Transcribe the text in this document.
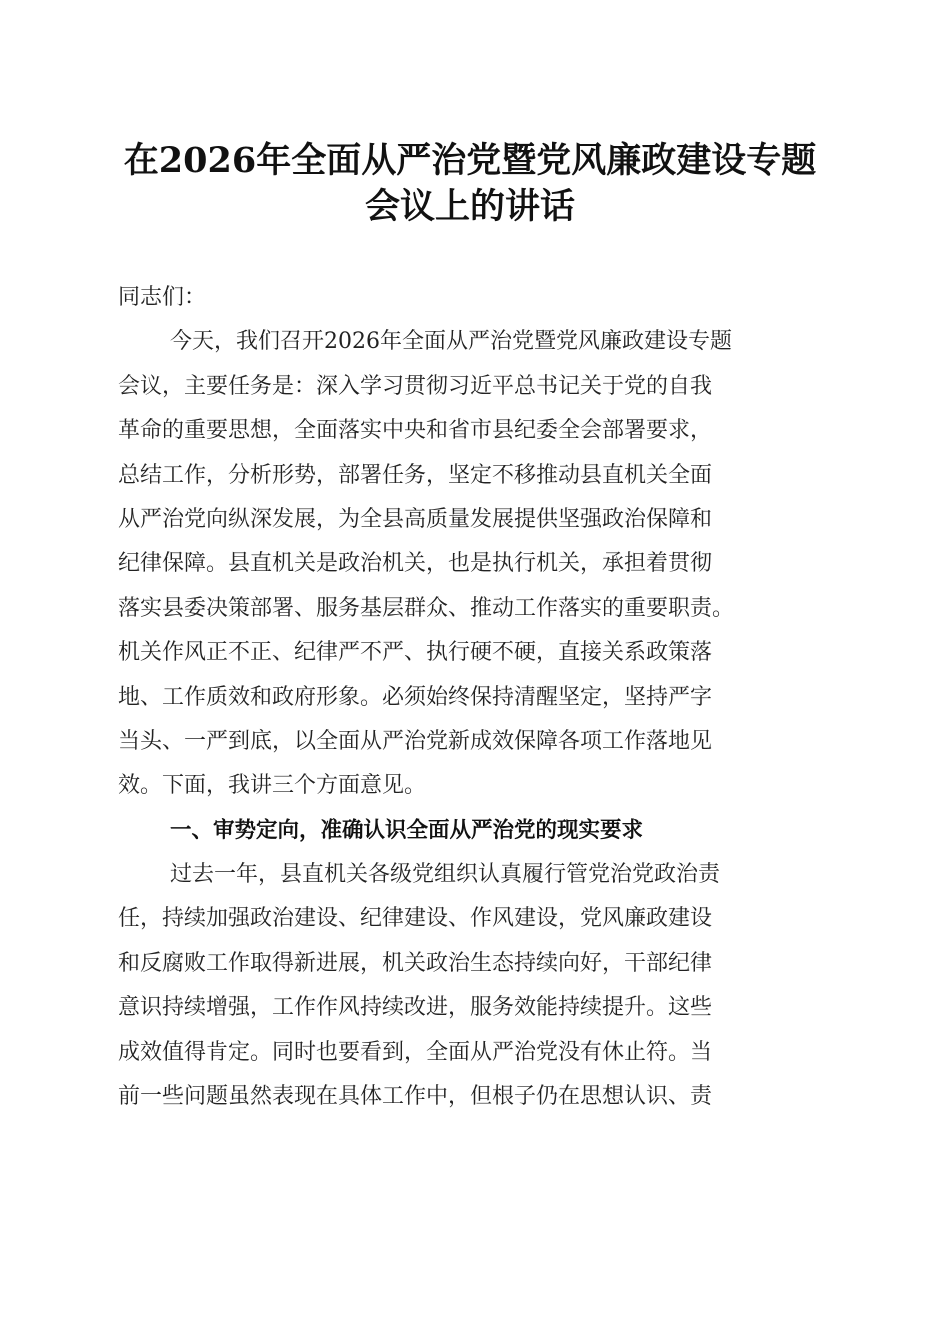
在2026年全面从严治党暨党风廉政建设专题
会议上的讲话
同志们：
今天，我们召开2026年全面从严治党暨党风廉政建设专题
会议，主要任务是：深入学习贯彻习近平总书记关于党的自我
革命的重要思想，全面落实中央和省市县纪委全会部署要求，
总结工作，分析形势，部署任务，坚定不移推动县直机关全面
从严治党向纵深发展，为全县高质量发展提供坚强政治保障和
纪律保障。县直机关是政治机关，也是执行机关，承担着贯彻
落实县委决策部署、服务基层群众、推动工作落实的重要职责。
机关作风正不正、纪律严不严、执行硬不硬，直接关系政策落
地、工作质效和政府形象。必须始终保持清醒坚定，坚持严字
当头、一严到底，以全面从严治党新成效保障各项工作落地见
效。下面，我讲三个方面意见。
一、审势定向，准确认识全面从严治党的现实要求
过去一年，县直机关各级党组织认真履行管党治党政治责
任，持续加强政治建设、纪律建设、作风建设，党风廉政建设
和反腐败工作取得新进展，机关政治生态持续向好，干部纪律
意识持续增强，工作作风持续改进，服务效能持续提升。这些
成效值得肯定。同时也要看到，全面从严治党没有休止符。当
前一些问题虽然表现在具体工作中，但根子仍在思想认识、责
